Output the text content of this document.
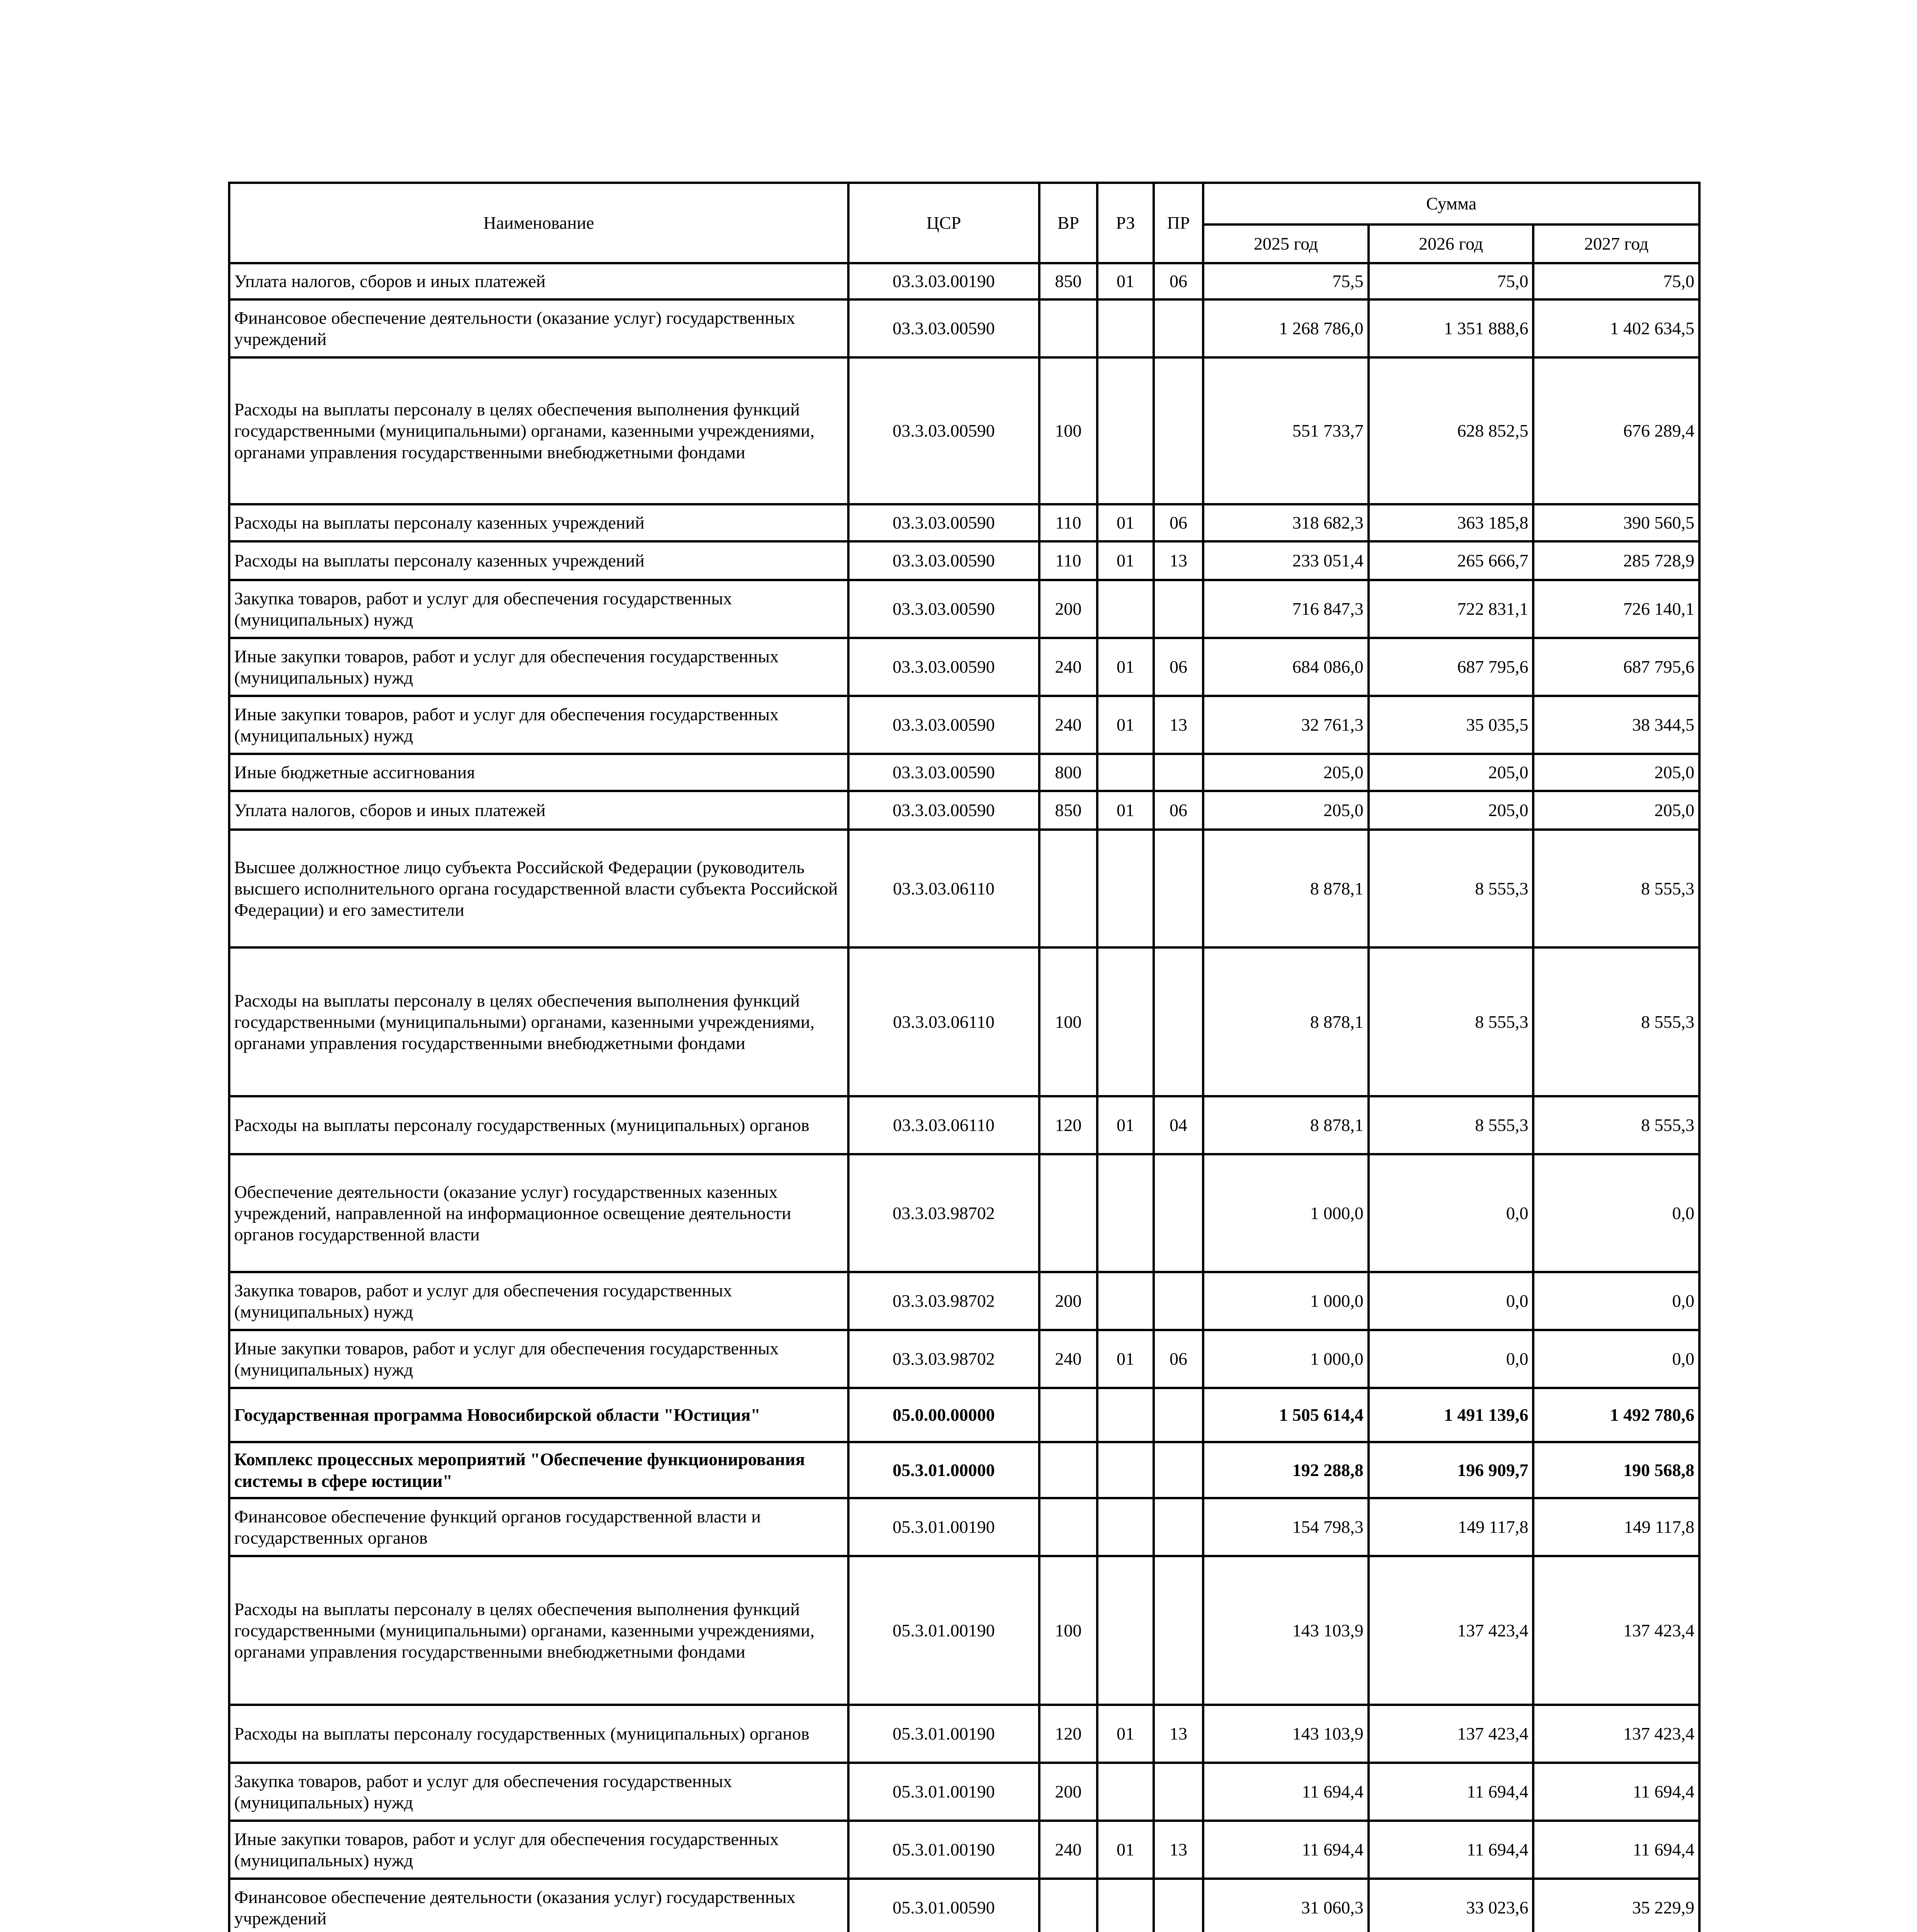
Наименование	ЦСР	ВР	РЗ	ПР	Сумма		
					2025 год	2026 год	2027 год
Уплата налогов, сборов и иных платежей	03.3.03.00190	850	01	06	75,5	75,0	75,0
Финансовое обеспечение деятельности (оказание услуг) государственных учреждений	03.3.03.00590				1 268 786,0	1 351 888,6	1 402 634,5
Расходы на выплаты персоналу в целях обеспечения выполнения функций государственными (муниципальными) органами, казенными учреждениями, органами управления государственными внебюджетными фондами	03.3.03.00590	100			551 733,7	628 852,5	676 289,4
Расходы на выплаты персоналу казенных учреждений	03.3.03.00590	110	01	06	318 682,3	363 185,8	390 560,5
Расходы на выплаты персоналу казенных учреждений	03.3.03.00590	110	01	13	233 051,4	265 666,7	285 728,9
Закупка товаров, работ и услуг для обеспечения государственных (муниципальных) нужд	03.3.03.00590	200			716 847,3	722 831,1	726 140,1
Иные закупки товаров, работ и услуг для обеспечения государственных (муниципальных) нужд	03.3.03.00590	240	01	06	684 086,0	687 795,6	687 795,6
Иные закупки товаров, работ и услуг для обеспечения государственных (муниципальных) нужд	03.3.03.00590	240	01	13	32 761,3	35 035,5	38 344,5
Иные бюджетные ассигнования	03.3.03.00590	800			205,0	205,0	205,0
Уплата налогов, сборов и иных платежей	03.3.03.00590	850	01	06	205,0	205,0	205,0
Высшее должностное лицо субъекта Российской Федерации (руководитель высшего исполнительного органа государственной власти субъекта Российской Федерации) и его заместители	03.3.03.06110				8 878,1	8 555,3	8 555,3
Расходы на выплаты персоналу в целях обеспечения выполнения функций государственными (муниципальными) органами, казенными учреждениями, органами управления государственными внебюджетными фондами	03.3.03.06110	100			8 878,1	8 555,3	8 555,3
Расходы на выплаты персоналу государственных (муниципальных) органов	03.3.03.06110	120	01	04	8 878,1	8 555,3	8 555,3
Обеспечение деятельности (оказание услуг) государственных казенных учреждений, направленной на информационное освещение деятельности органов государственной власти	03.3.03.98702				1 000,0	0,0	0,0
Закупка товаров, работ и услуг для обеспечения государственных (муниципальных) нужд	03.3.03.98702	200			1 000,0	0,0	0,0
Иные закупки товаров, работ и услуг для обеспечения государственных (муниципальных) нужд	03.3.03.98702	240	01	06	1 000,0	0,0	0,0
Государственная программа Новосибирской области "Юстиция"	05.0.00.00000				1 505 614,4	1 491 139,6	1 492 780,6
Комплекс процессных мероприятий "Обеспечение функционирования системы в сфере юстиции"	05.3.01.00000				192 288,8	196 909,7	190 568,8
Финансовое обеспечение функций органов государственной власти и государственных органов	05.3.01.00190				154 798,3	149 117,8	149 117,8
Расходы на выплаты персоналу в целях обеспечения выполнения функций государственными (муниципальными) органами, казенными учреждениями, органами управления государственными внебюджетными фондами	05.3.01.00190	100			143 103,9	137 423,4	137 423,4
Расходы на выплаты персоналу государственных (муниципальных) органов	05.3.01.00190	120	01	13	143 103,9	137 423,4	137 423,4
Закупка товаров, работ и услуг для обеспечения государственных (муниципальных) нужд	05.3.01.00190	200			11 694,4	11 694,4	11 694,4
Иные закупки товаров, работ и услуг для обеспечения государственных (муниципальных) нужд	05.3.01.00190	240	01	13	11 694,4	11 694,4	11 694,4
Финансовое обеспечение деятельности (оказания услуг) государственных учреждений	05.3.01.00590				31 060,3	33 023,6	35 229,9
